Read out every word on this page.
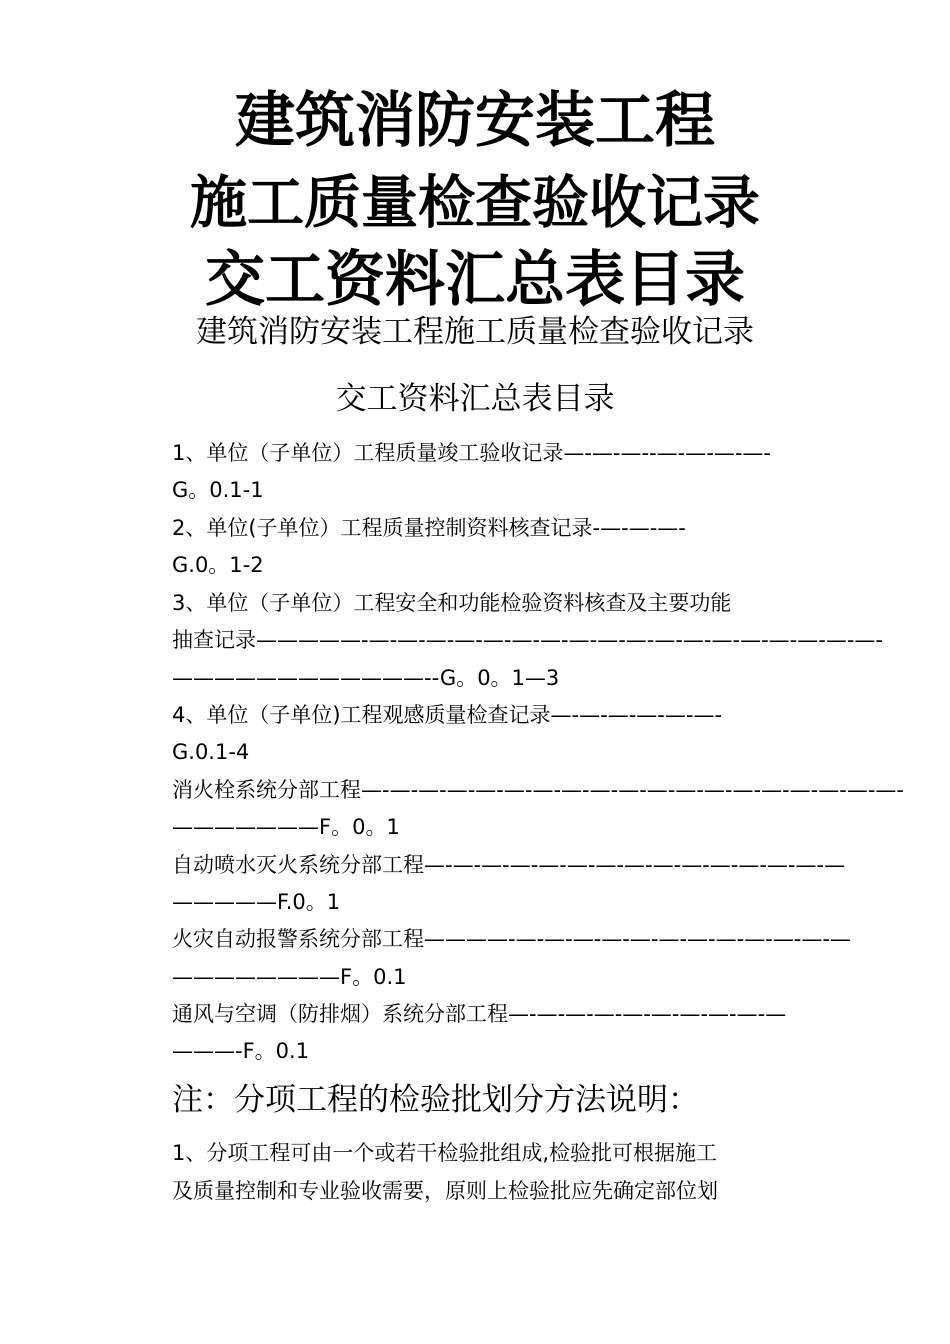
建筑消防安装工程
施工质量检查验收记录
交工资料汇总表目录
建筑消防安装工程施工质量检查验收记录
交工资料汇总表目录
1、单位（子单位）工程质量竣工验收记录—-—-—--—-—-—-—-
G。0.1-1
2、单位(子单位）工程质量控制资料核查记录-—-—-—-
G.0。1-2
3、单位（子单位）工程安全和功能检验资料核查及主要功能
抽查记录—————-—-—-—-—-—-—-—-—-—-—-—-—-—-—-—-—-—-—-
————————————--G。0。1—3
4、单位（子单位)工程观感质量检查记录—-—-—-—-—-—-
G.0.1-4
消火栓系统分部工程—-—-—-—-—-—-—-—-—-—-—-—-—-—-—-—-—-—-—-
———————F。0。1
自动喷水灭火系统分部工程—-—-—-—-—-—-—-—-—-—-—-—-—-—-—
—————F.0。1
火灾自动报警系统分部工程————-—-—-—-—-—-—-—-—-—-—-—-—
————————F。0.1
通风与空调（防排烟）系统分部工程—-—-—-—-—-—-—-—-—-—
———-F。0.1
注：分项工程的检验批划分方法说明：
1、分项工程可由一个或若干检验批组成,检验批可根据施工
及质量控制和专业验收需要，原则上检验批应先确定部位划
